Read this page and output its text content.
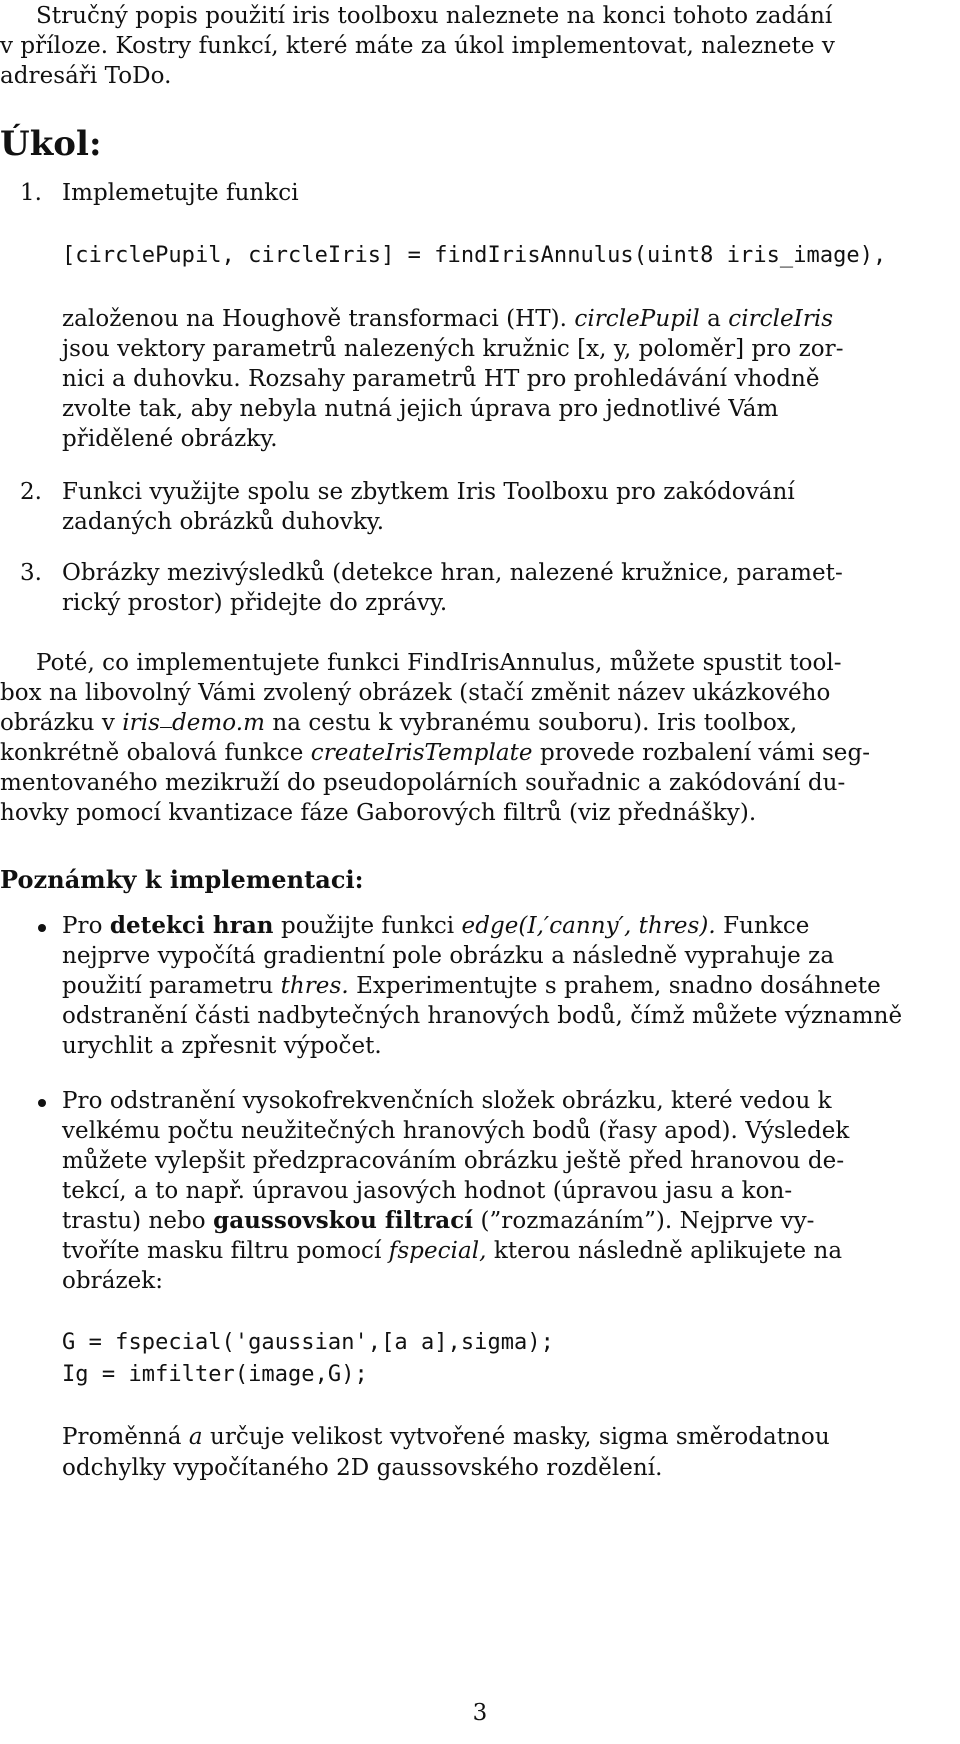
Stručný popis použití iris toolboxu naleznete na konci tohoto zadání
v příloze. Kostry funkcí, které máte za úkol implementovat, naleznete v
adresáři ToDo.
Úkol:
1. Implemetujte funkci
[circlePupil, circleIris] = findIrisAnnulus(uint8 iris_image),
založenou na Houghově transformaci (HT). circlePupil a circleIris
jsou vektory parametrů nalezených kružnic [x, y, poloměr] pro zor-
nici a duhovku. Rozsahy parametrů HT pro prohledávání vhodně
zvolte tak, aby nebyla nutná jejich úprava pro jednotlivé Vám
přidělené obrázky.
2. Funkci využijte spolu se zbytkem Iris Toolboxu pro zakódování
zadaných obrázků duhovky.
3. Obrázky mezivýsledků (detekce hran, nalezené kružnice, paramet-
rický prostor) přidejte do zprávy.
Poté, co implementujete funkci FindIrisAnnulus, můžete spustit tool-
box na libovolný Vámi zvolený obrázek (stačí změnit název ukázkového
obrázku v iris demo.m na cestu k vybranému souboru). Iris toolbox,
konkrétně obalová funkce createIrisTemplate provede rozbalení vámi seg-
mentovaného mezikruží do pseudopolárních souřadnic a zakódování du-
hovky pomocí kvantizace fáze Gaborových filtrů (viz přednášky).
Poznámky k implementaci:
Pro detekci hran použijte funkci edge(I,′canny′, thres). Funkce
nejprve vypočítá gradientní pole obrázku a následně vyprahuje za
použití parametru thres. Experimentujte s prahem, snadno dosáhnete
odstranění části nadbytečných hranových bodů, čímž můžete významně
urychlit a zpřesnit výpočet.
Pro odstranění vysokofrekvenčních složek obrázku, které vedou k
velkému počtu neužitečných hranových bodů (řasy apod). Výsledek
můžete vylepšit předzpracováním obrázku ještě před hranovou de-
tekcí, a to např. úpravou jasových hodnot (úpravou jasu a kon-
trastu) nebo gaussovskou filtrací (”rozmazáním”). Nejprve vy-
tvoříte masku filtru pomocí fspecial, kterou následně aplikujete na
obrázek:
G = fspecial('gaussian',[a a],sigma);
Ig = imfilter(image,G);
Proměnná a určuje velikost vytvořené masky, sigma směrodatnou
odchylky vypočítaného 2D gaussovského rozdělení.
3
